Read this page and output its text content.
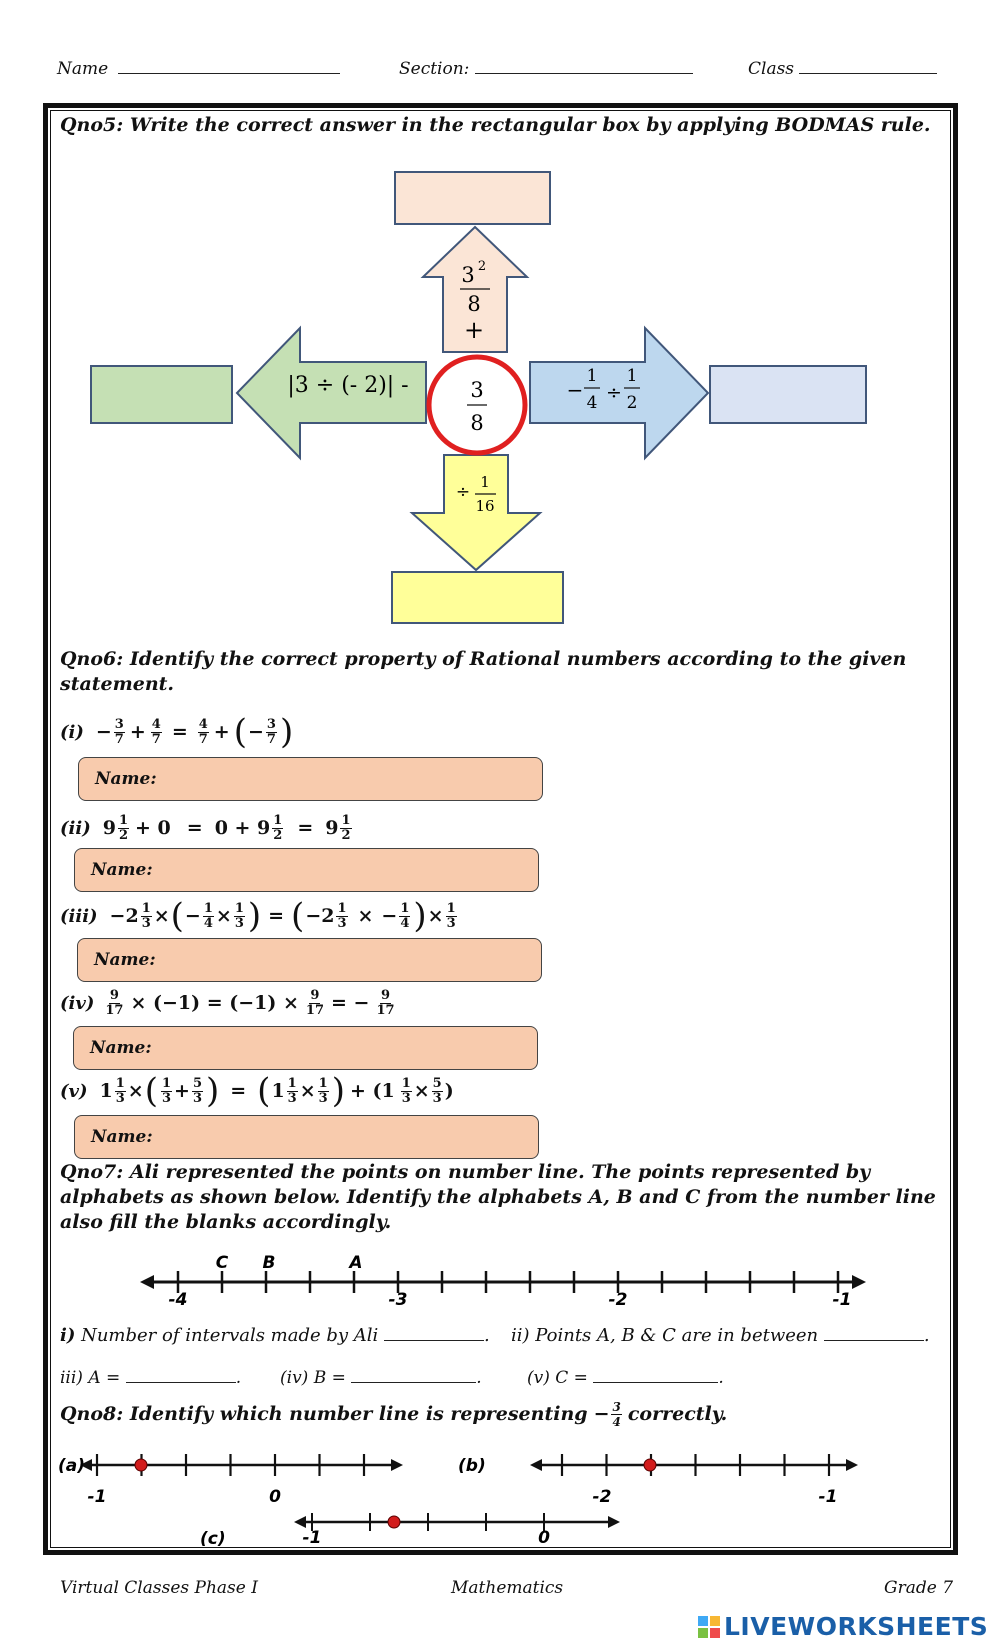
Name	Section:	Class
Qno5: Write the correct answer in the rectangular box by applying BODMAS rule.
3 2
8
+
|3 ÷ (- 2)| -	−
1
4 ÷
1
2
÷ 1
16
3
8
Qno6: Identify the correct property of Rational numbers according to the given statement.
$(i) - \frac{3}{7} + \frac{4}{7} = \frac{4}{7}$ + ( − $\frac{3}{7}$ )
Name:
(ii) $9 \frac{1}{2} + 0 = 0 + 9 \frac{1}{2} = 9 \frac{1}{2}$
Name:
$(iii) -2 \frac{1}{3}$ × ( − $\frac{1}{4} \times \frac{1}{3}$ ) = ( $-2 \frac{1}{3}$ × − $\frac{1}{4}$ ) × $\frac{1}{3}$
Name:
$(iv) \frac{9}{17} \times (-1) = (-1) \times \frac{9}{17}$ = − $\frac{9}{17}$
Name:
(v) $1 \frac{1}{3}$ × ( $\frac{1}{3} + \frac{5}{3}$ ) = ( $1 \frac{1}{3} \times \frac{1}{3}$ ) + ($1 \frac{1}{3} \times \frac{5}{3}$ )
Name:
Qno7: Ali represented the points on number line. The points represented by alphabets as shown below. Identify the alphabets A, B and C from the number line also fill the blanks accordingly.
C B	A
-4	-3	-2	-1
i) Number of intervals made by Ali	. ii) Points A, B & C are in between	.
iii) A =	. (iv) B =	.	(v) C =	.
Qno8: Identify which number line is representing − $\frac{3}{4}$ correctly.
(a)
-1	0
(b)
-2	-1
(c)	-1	0
Virtual Classes Phase I	Mathematics	Grade 7
LIVEWORKSHEETS
